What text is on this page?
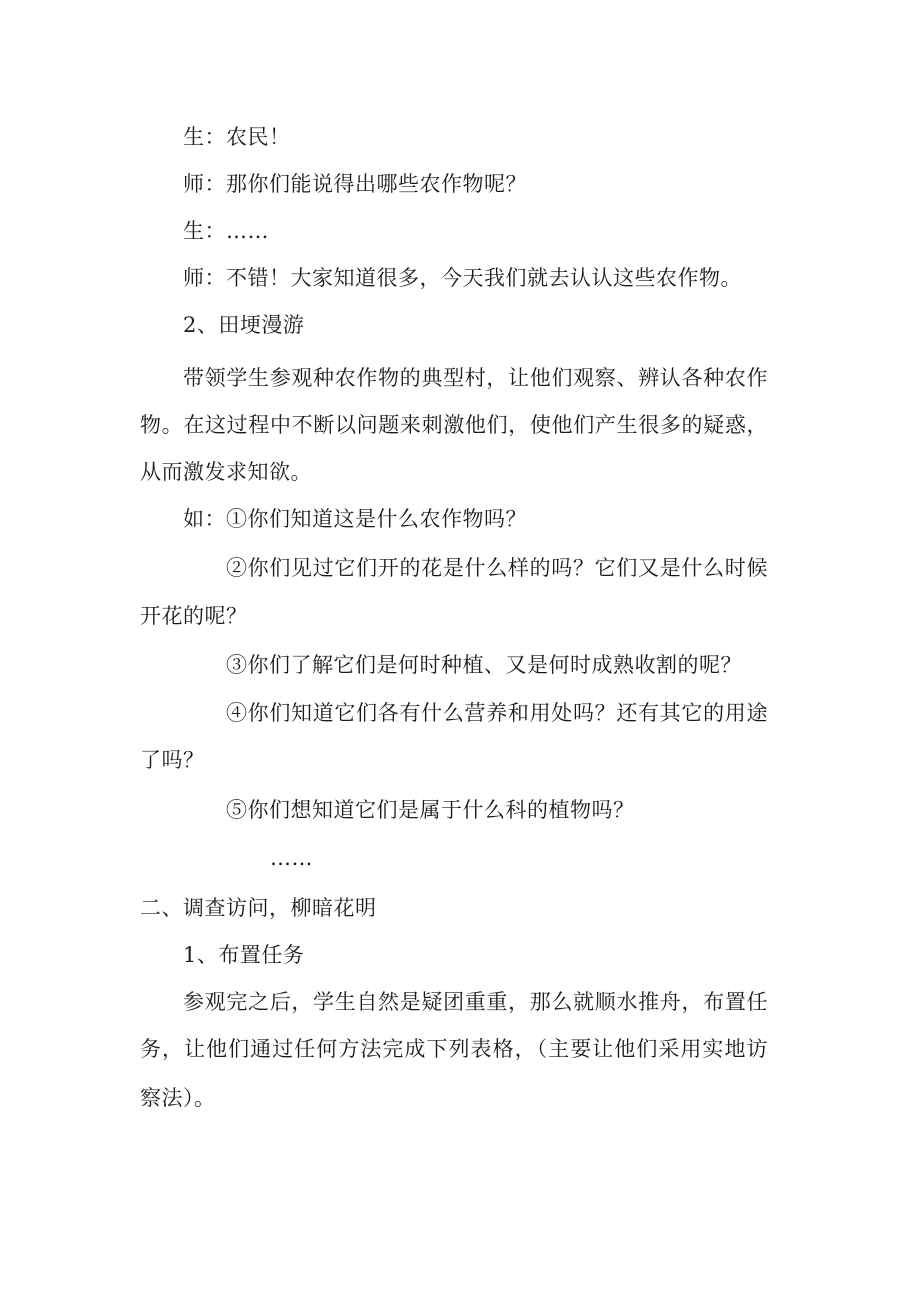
生：农民！
师：那你们能说得出哪些农作物呢？
生：……
师：不错！大家知道很多，今天我们就去认认这些农作物。
2、田埂漫游
带领学生参观种农作物的典型村，让他们观察、辨认各种农作
物。在这过程中不断以问题来刺激他们，使他们产生很多的疑惑，
从而激发求知欲。
如：①你们知道这是什么农作物吗？
②你们见过它们开的花是什么样的吗？它们又是什么时候
开花的呢？
③你们了解它们是何时种植、又是何时成熟收割的呢？
④你们知道它们各有什么营养和用处吗？还有其它的用途
了吗？
⑤你们想知道它们是属于什么科的植物吗？
……
二、调查访问，柳暗花明
1、布置任务
参观完之后，学生自然是疑团重重，那么就顺水推舟，布置任
务，让他们通过任何方法完成下列表格，（主要让他们采用实地访
察法）。
